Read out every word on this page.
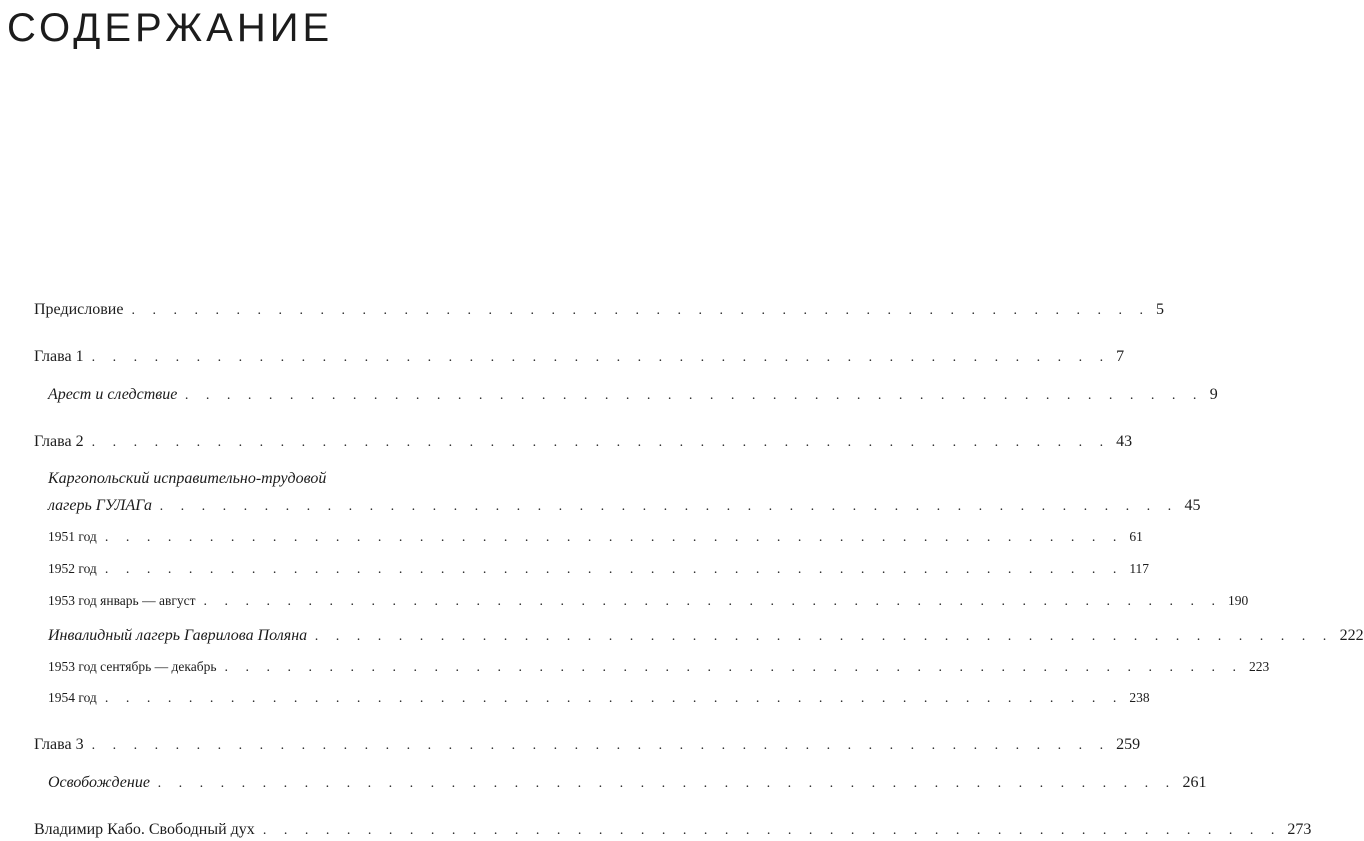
СОДЕРЖАНИЕ
Предисловие . . . . . . . . . . . . . . . . . . . . . . . . . . . . . . . . . . . . . . . . . . . . . . . . . 5
Глава 1 . . . . . . . . . . . . . . . . . . . . . . . . . . . . . . . . . . . . . . . . . . . . . . . . . 7
Арест и следствие . . . . . . . . . . . . . . . . . . . . . . . . . . . . . . . . . . . . . . . . . . . . . . . . . 9
Глава 2 . . . . . . . . . . . . . . . . . . . . . . . . . . . . . . . . . . . . . . . . . . . . . . . . . 43
Каргопольский исправительно-трудовой
лагерь ГУЛАГа . . . . . . . . . . . . . . . . . . . . . . . . . . . . . . . . . . . . . . . . . . . . . . . . . 45
1951 год . . . . . . . . . . . . . . . . . . . . . . . . . . . . . . . . . . . . . . . . . . . . . . . . . 61
1952 год . . . . . . . . . . . . . . . . . . . . . . . . . . . . . . . . . . . . . . . . . . . . . . . . . 117
1953 год январь — август . . . . . . . . . . . . . . . . . . . . . . . . . . . . . . . . . . . . . . . . . . . . . . . . . 190
Инвалидный лагерь Гаврилова Поляна . . . . . . . . . . . . . . . . . . . . . . . . . . . . . . . . . . . . . . . . . . . . . . . . . 222
1953 год сентябрь — декабрь . . . . . . . . . . . . . . . . . . . . . . . . . . . . . . . . . . . . . . . . . . . . . . . . . 223
1954 год . . . . . . . . . . . . . . . . . . . . . . . . . . . . . . . . . . . . . . . . . . . . . . . . . 238
Глава 3 . . . . . . . . . . . . . . . . . . . . . . . . . . . . . . . . . . . . . . . . . . . . . . . . . 259
Освобождение . . . . . . . . . . . . . . . . . . . . . . . . . . . . . . . . . . . . . . . . . . . . . . . . . 261
Владимир Кабо. Свободный дух . . . . . . . . . . . . . . . . . . . . . . . . . . . . . . . . . . . . . . . . . . . . . . . . . 273
